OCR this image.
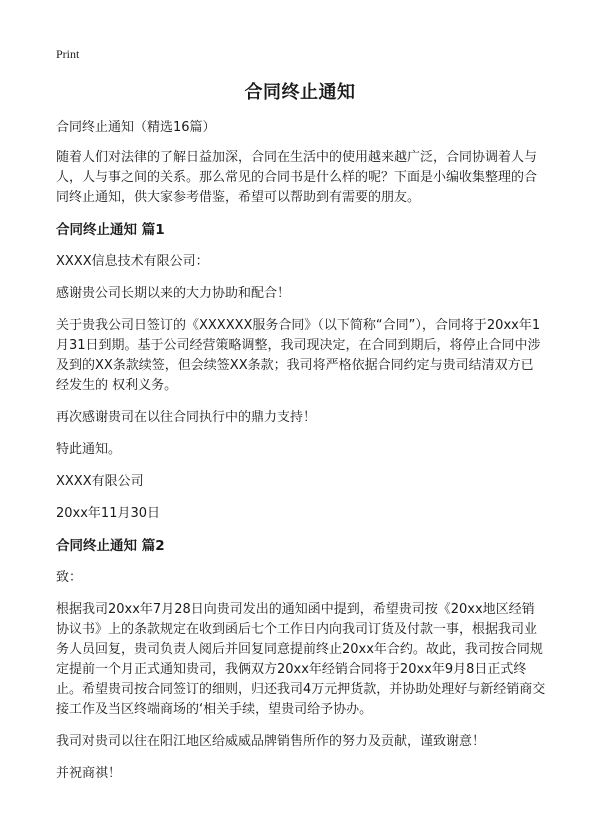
Print
合同终止通知

合同终止通知（精选16篇）

随着人们对法律的了解日益加深，合同在生活中的使用越来越广泛，合同协调着人与人，人与事之间的关系。那么常见的合同书是什么样的呢？下面是小编收集整理的合同终止通知，供大家参考借鉴，希望可以帮助到有需要的朋友。

合同终止通知 篇1

XXXX信息技术有限公司：

感谢贵公司长期以来的大力协助和配合！

关于贵我公司日签订的《XXXXXX服务合同》（以下简称“合同”），合同将于20xx年1月31日到期。基于公司经营策略调整，我司现决定，在合同到期后，将停止合同中涉及到的XX条款续签，但会续签XX条款；我司将严格依据合同约定与贵司结清双方已经发生的 权利义务。

再次感谢贵司在以往合同执行中的鼎力支持！

特此通知。

XXXX有限公司

20xx年11月30日

合同终止通知 篇2

致：

根据我司20xx年7月28日向贵司发出的通知函中提到，希望贵司按《20xx地区经销协议书》上的条款规定在收到函后七个工作日内向我司订货及付款一事，根据我司业务人员回复，贵司负责人阅后并回复同意提前终止20xx年合约。故此，我司按合同规定提前一个月正式通知贵司，我俩双方20xx年经销合同将于20xx年9月8日正式终止。希望贵司按合同签订的细则，归还我司4万元押货款，并协助处理好与新经销商交接工作及当区终端商场的‘相关手续，望贵司给予协办。

我司对贵司以往在阳江地区给威威品牌销售所作的努力及贡献，谨致谢意！

并祝商祺！
